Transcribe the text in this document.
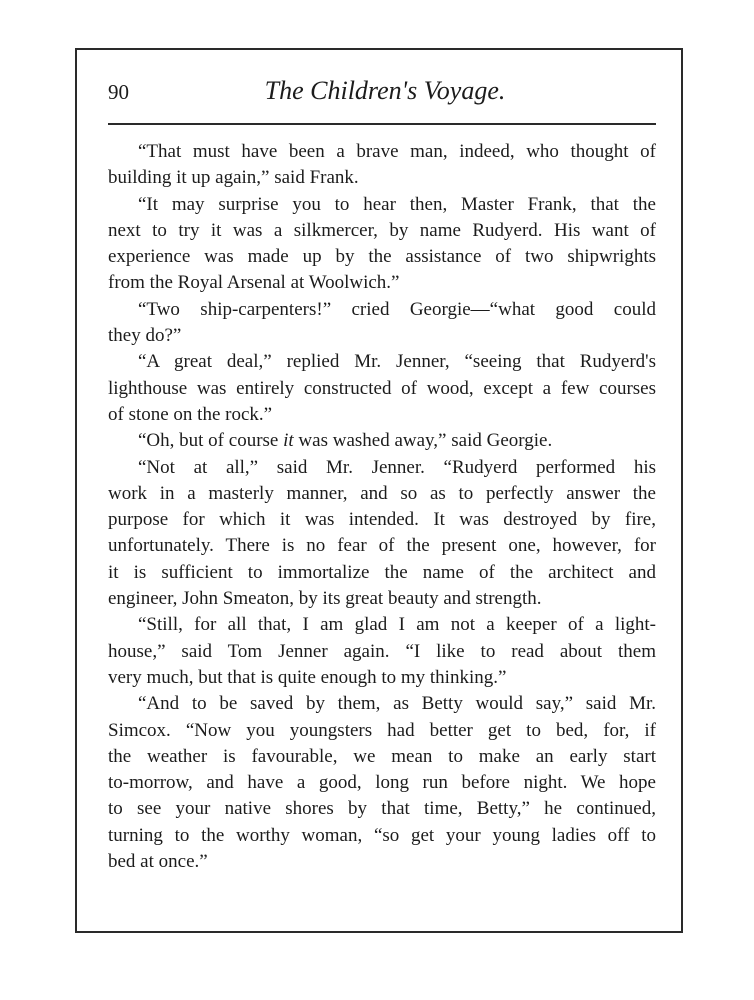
90	The Children's Voyage.
“That must have been a brave man, indeed, who thought of
building it up again,” said Frank.
“It may surprise you to hear then, Master Frank, that the
next to try it was a silkmercer, by name Rudyerd. His want of
experience was made up by the assistance of two shipwrights
from the Royal Arsenal at Woolwich.”
“Two ship-carpenters!” cried Georgie—“what good could
they do?”
“A great deal,” replied Mr. Jenner, “seeing that Rudyerd's
lighthouse was entirely constructed of wood, except a few courses
of stone on the rock.”
“Oh, but of course it was washed away,” said Georgie.
“Not at all,” said Mr. Jenner. “Rudyerd performed his
work in a masterly manner, and so as to perfectly answer the
purpose for which it was intended. It was destroyed by fire,
unfortunately. There is no fear of the present one, however, for
it is sufficient to immortalize the name of the architect and
engineer, John Smeaton, by its great beauty and strength.
“Still, for all that, I am glad I am not a keeper of a light-
house,” said Tom Jenner again. “I like to read about them
very much, but that is quite enough to my thinking.”
“And to be saved by them, as Betty would say,” said Mr.
Simcox. “Now you youngsters had better get to bed, for, if
the weather is favourable, we mean to make an early start
to-morrow, and have a good, long run before night. We hope
to see your native shores by that time, Betty,” he continued,
turning to the worthy woman, “so get your young ladies off to
bed at once.”
